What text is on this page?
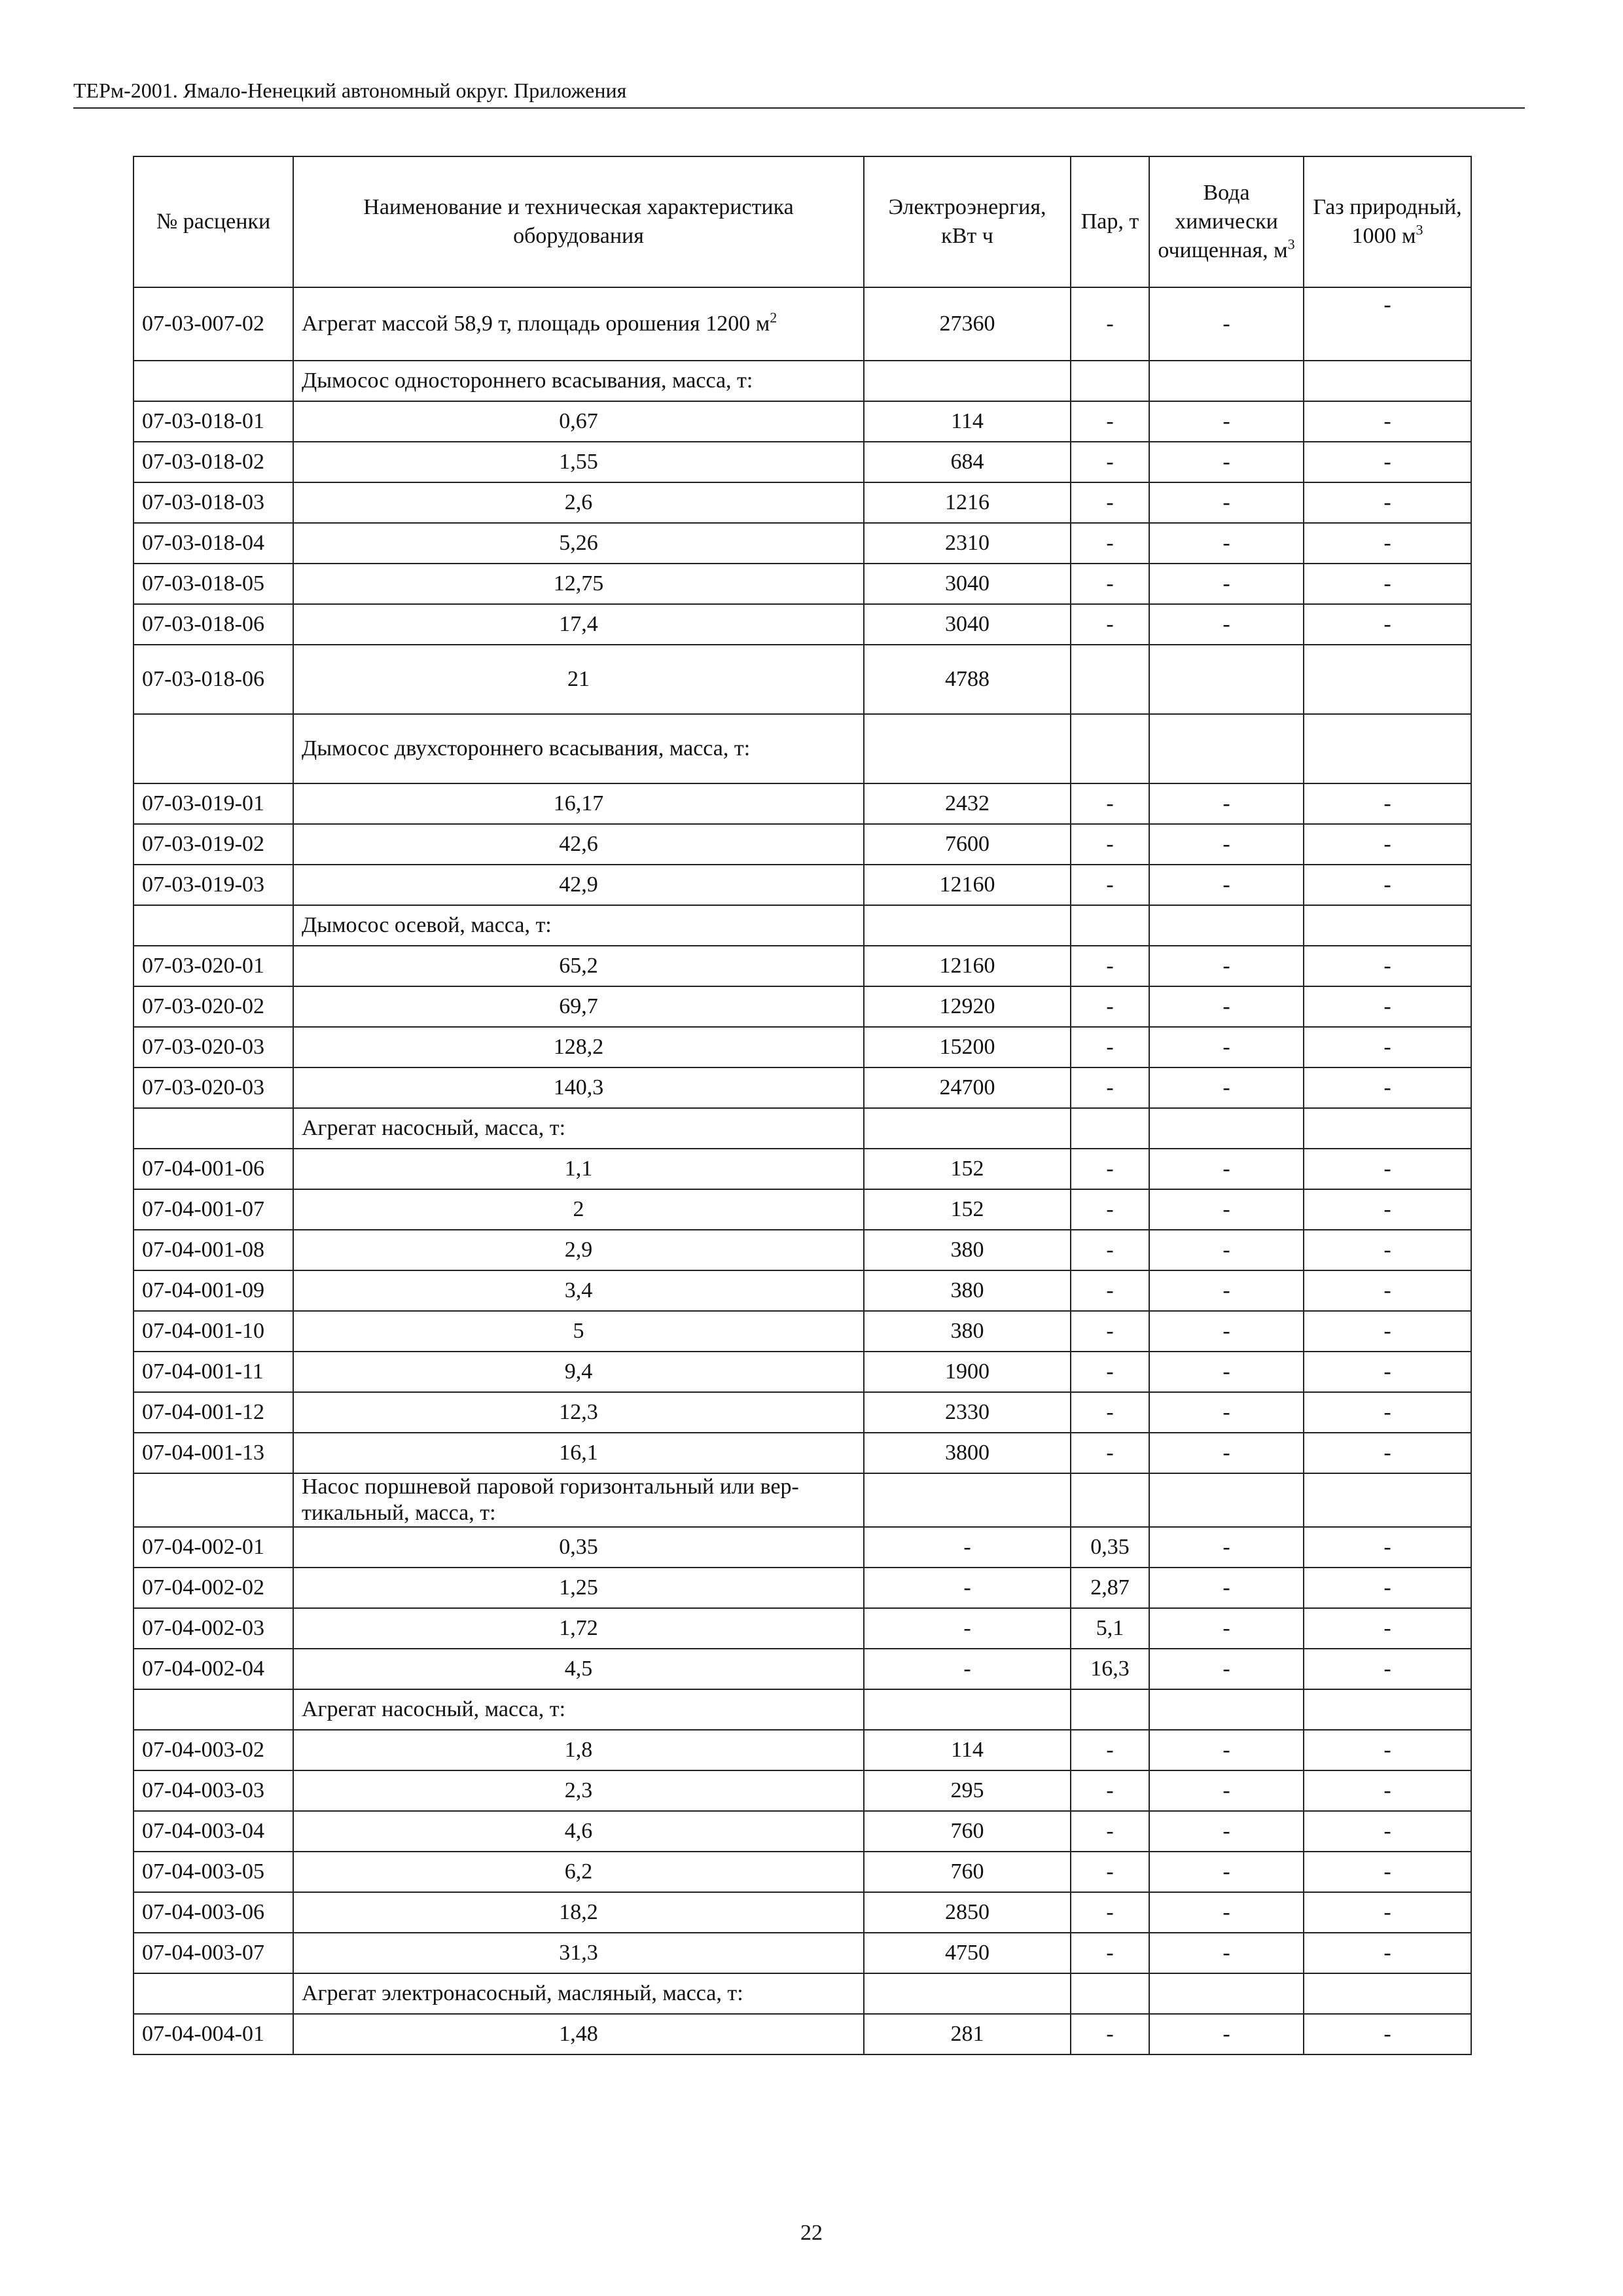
ТЕРм-2001. Ямало-Ненецкий автономный округ. Приложения
№ расценки	Наименование и техническая характеристика оборудования	Электроэнергия, кВт ч	Пар, т	Вода химически очищенная, $м^3$	Газ природный, 1000 $м^3$
07-03-007-02	Агрегат массой 58,9 т, площадь орошения 1200 $м^2$	27360	-	-	-
	Дымосос одностороннего всасывания, масса, т:				
07-03-018-01	0,67	114	-	-	-
07-03-018-02	1,55	684	-	-	-
07-03-018-03	2,6	1216	-	-	-
07-03-018-04	5,26	2310	-	-	-
07-03-018-05	12,75	3040	-	-	-
07-03-018-06	17,4	3040	-	-	-
07-03-018-06	21	4788			
	Дымосос двухстороннего всасывания, масса, т:				
07-03-019-01	16,17	2432	-	-	-
07-03-019-02	42,6	7600	-	-	-
07-03-019-03	42,9	12160	-	-	-
	Дымосос осевой, масса, т:				
07-03-020-01	65,2	12160	-	-	-
07-03-020-02	69,7	12920	-	-	-
07-03-020-03	128,2	15200	-	-	-
07-03-020-03	140,3	24700	-	-	-
	Агрегат насосный, масса, т:				
07-04-001-06	1,1	152	-	-	-
07-04-001-07	2	152	-	-	-
07-04-001-08	2,9	380	-	-	-
07-04-001-09	3,4	380	-	-	-
07-04-001-10	5	380	-	-	-
07-04-001-11	9,4	1900	-	-	-
07-04-001-12	12,3	2330	-	-	-
07-04-001-13	16,1	3800	-	-	-
	Насос поршневой паровой горизонтальный или вер-тикальный, масса, т:				
07-04-002-01	0,35	-	0,35	-	-
07-04-002-02	1,25	-	2,87	-	-
07-04-002-03	1,72	-	5,1	-	-
07-04-002-04	4,5	-	16,3	-	-
	Агрегат насосный, масса, т:				
07-04-003-02	1,8	114	-	-	-
07-04-003-03	2,3	295	-	-	-
07-04-003-04	4,6	760	-	-	-
07-04-003-05	6,2	760	-	-	-
07-04-003-06	18,2	2850	-	-	-
07-04-003-07	31,3	4750	-	-	-
	Агрегат электронасосный, масляный, масса, т:				
07-04-004-01	1,48	281	-	-	-
22
